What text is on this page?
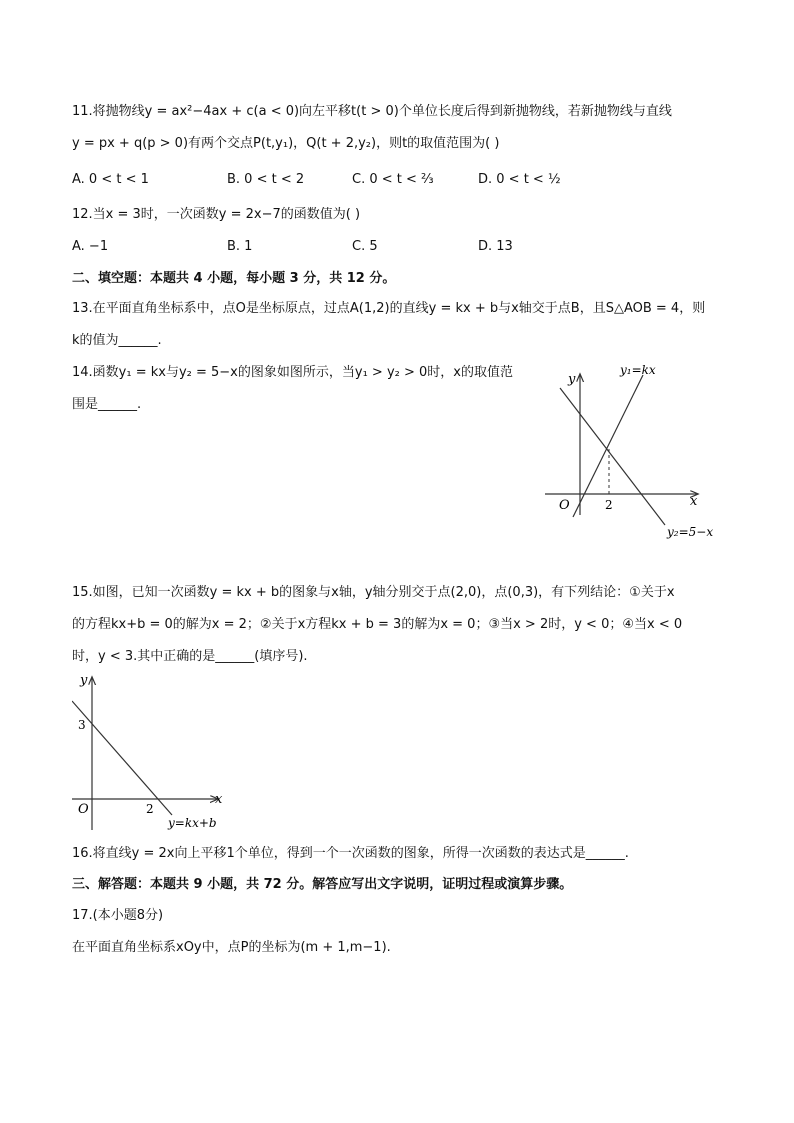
11.将抛物线y = ax²−4ax + c(a < 0)向左平移t(t > 0)个单位长度后得到新抛物线，若新抛物线与直线
y = px + q(p > 0)有两个交点P(t,y₁)，Q(t + 2,y₂)，则t的取值范围为( )
A. 0 < t < 1	B. 0 < t < 2	C. 0 < t < ⅔	D. 0 < t < ½
12.当x = 3时，一次函数y = 2x−7的函数值为( )
A. −1	B. 1	C. 5	D. 13
二、填空题：本题共 4 小题，每小题 3 分，共 12 分。
13.在平面直角坐标系中，点O是坐标原点，过点A(1,2)的直线y = kx + b与x轴交于点B，且S△AOB = 4，则
k的值为______.
14.函数y₁ = kx与y₂ = 5−x的图象如图所示，当y₁ > y₂ > 0时，x的取值范
围是______.
y
x
O	2
y₁=kx
y₂=5−x
15.如图，已知一次函数y = kx + b的图象与x轴，y轴分别交于点(2,0)，点(0,3)，有下列结论：①关于x
的方程kx+b = 0的解为x = 2；②关于x方程kx + b = 3的解为x = 0；③当x > 2时，y < 0；④当x < 0
时，y < 3.其中正确的是______(填序号).
y
x
O
3
2
y=kx+b
16.将直线y = 2x向上平移1个单位，得到一个一次函数的图象，所得一次函数的表达式是______.
三、解答题：本题共 9 小题，共 72 分。解答应写出文字说明，证明过程或演算步骤。
17.(本小题8分)
在平面直角坐标系xOy中，点P的坐标为(m + 1,m−1).
